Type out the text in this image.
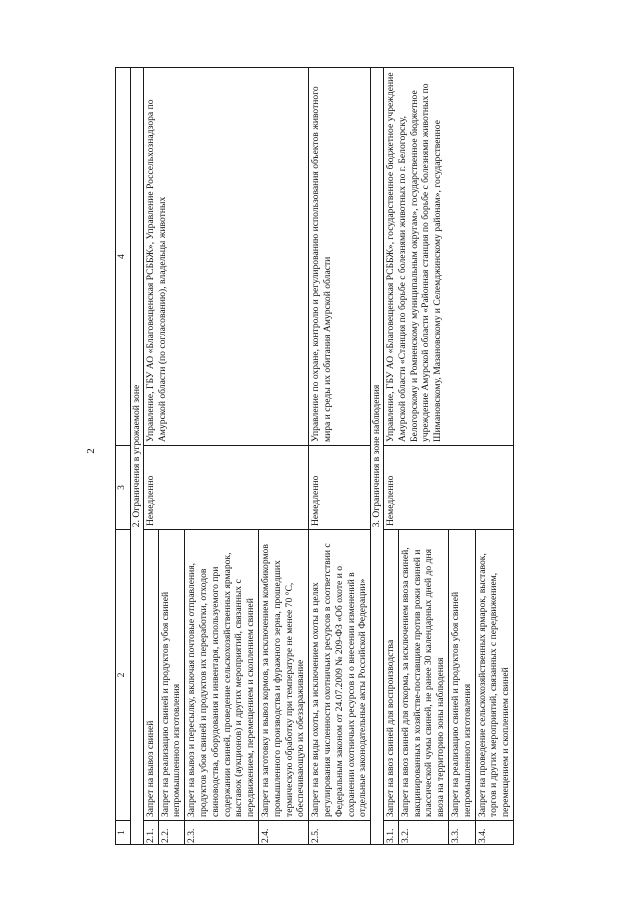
2
1	2	3	4
2. Ограничения в угрожаемой зоне			
2.1.	Запрет на вывоз свиней	Немедленно	Управление, ГБУ АО «Благовещенская РСББЖ», Управление Россельхознадзора по Амурской области (по согласованию), владельцы животных
2.2.	Запрет на реализацию свиней и продуктов убоя свиней непромышленного изготовления		
2.3.	Запрет на вывоз и пересылку, включая почтовые отправления, продуктов убоя свиней и продуктов их переработки, отходов свиноводства, оборудования и инвентаря, используемого при содержании свиней, проведение сельскохозяйственных ярмарок, выставок (аукционов) и других мероприятий, связанных с передвижением, перемещением и скоплением свиней		
2.4.	Запрет на заготовку и вывоз кормов, за исключением комбикормов промышленного производства и фуражного зерна, прошедших термическую обработку при температуре не менее 70 °С, обеспечивающую их обеззараживание		
2.5.	Запрет на все виды охоты, за исключением охоты в целях регулирования численности охотничьих ресурсов в соответствии с Федеральным законом от 24.07.2009 № 209-ФЗ «Об охоте и о сохранении охотничьих ресурсов и о внесении изменений в отдельные законодательные акты Российской Федерации»	Немедленно	Управление по охране, контролю и регулированию использования объектов животного мира и среды их обитания Амурской области
3. Ограничения в зоне наблюдения			
3.1.	Запрет на ввоз свиней для воспроизводства	Немедленно	Управление, ГБУ АО «Благовещенская РСББЖ», государственное бюджетное учреждение Амурской области «Станция по борьбе с болезнями животных по г. Белогорску, Белогорскому и Ромненскому муниципальным округам», государственное бюджетное учреждение Амурской области «Районная станция по борьбе с болезнями животных по Шимановскому, Мазановскому и Селемджинскому районам», государственное
3.2.	Запрет на ввоз свиней для откорма, за исключением ввоза свиней, вакцинированных в хозяйстве-поставщике против рожи свиней и классической чумы свиней, не ранее 30 календарных дней до дня ввоза на территорию зоны наблюдения		
3.3.	Запрет на реализацию свиней и продуктов убоя свиней непромышленного изготовления		
3.4.	Запрет на проведение сельскохозяйственных ярмарок, выставок, торгов и других мероприятий, связанных с передвижением, перемещением и скоплением свиней		
